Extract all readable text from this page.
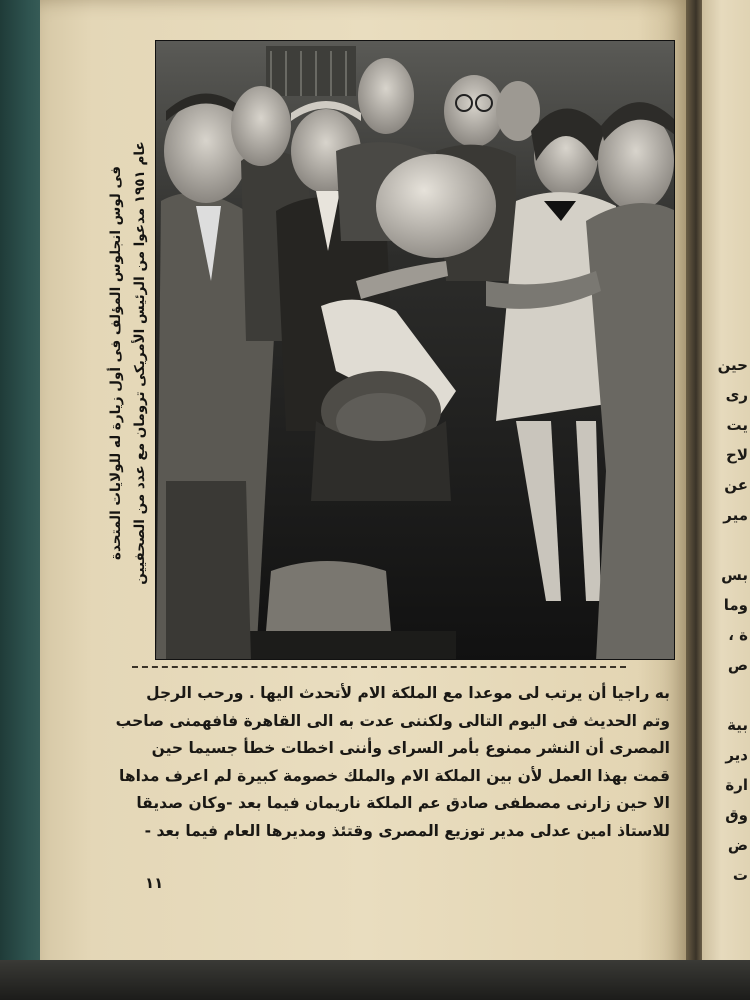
حين
رى
يت
لاح
عن
مير

بس
وما
ة ،
ص

بية
دير
ارة
وق
ض
ت
فى لوس انجلوس المؤلف فى أول زيارة له للولايات المتحدة عام ١٩٥١ مدعوا من الرئيس الأمريكى ترومان مع عدد من الصحفيين
به راجيا أن يرتب لى موعدا مع الملكة الام لأتحدث اليها . ورحب الرجل
وتم الحديث فى اليوم التالى ولكننى عدت به الى القاهرة فافهمنى صاحب
المصرى أن النشر ممنوع بأمر السراى وأننى اخطات خطأ جسيما حين
قمت بهذا العمل لأن بين الملكة الام والملك خصومة كبيرة لم اعرف مداها
الا حين زارنى مصطفى صادق عم الملكة ناريمان فيما بعد -وكان صديقا
للاستاذ امين عدلى مدير توزيع المصرى وقتئذ ومديرها العام فيما بعد -
١١
